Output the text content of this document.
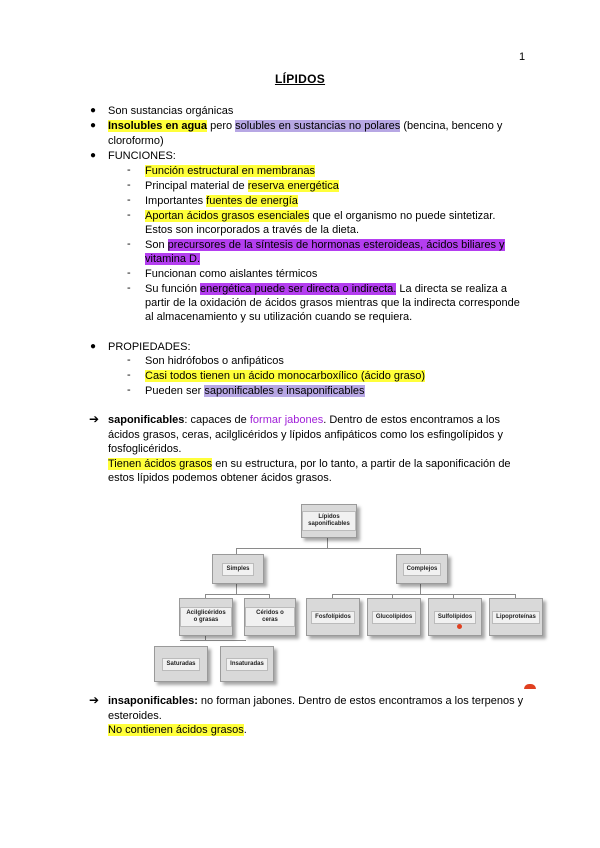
1
LÍPIDOS
● Son sustancias orgánicas
● Insolubles en agua pero solubles en sustancias no polares (bencina, benceno y
cloroformo)
● FUNCIONES:
- Función estructural en membranas
- Principal material de reserva energética
- Importantes fuentes de energía
- Aportan ácidos grasos esenciales que el organismo no puede sintetizar.
Estos son incorporados a través de la dieta.
- Son precursores de la síntesis de hormonas esteroideas, ácidos biliares y
vitamina D.
- Funcionan como aislantes térmicos
- Su función energética puede ser directa o indirecta. La directa se realiza a
partir de la oxidación de ácidos grasos mientras que la indirecta corresponde
al almacenamiento y su utilización cuando se requiera.
● PROPIEDADES:
- Son hidrófobos o anfipáticos
- Casi todos tienen un ácido monocarboxílico (ácido graso)
- Pueden ser saponificables e insaponificables
➔ saponificables: capaces de formar jabones. Dentro de estos encontramos a los
ácidos grasos, ceras, acilglicéridos y lípidos anfipáticos como los esfingolípidos y
fosfoglicéridos.
Tienen ácidos grasos en su estructura, por lo tanto, a partir de la saponificación de
estos lípidos podemos obtener ácidos grasos.
Lípidos saponificables
Simples	Complejos
Acilglicéridos o grasas
Céridos o ceras
Fosfolípidos	Glucolípidos	Sulfolípidos	Lipoproteínas
Saturadas	Insaturadas
➔ insaponificables: no forman jabones. Dentro de estos encontramos a los terpenos y
esteroides.
No contienen ácidos grasos.
